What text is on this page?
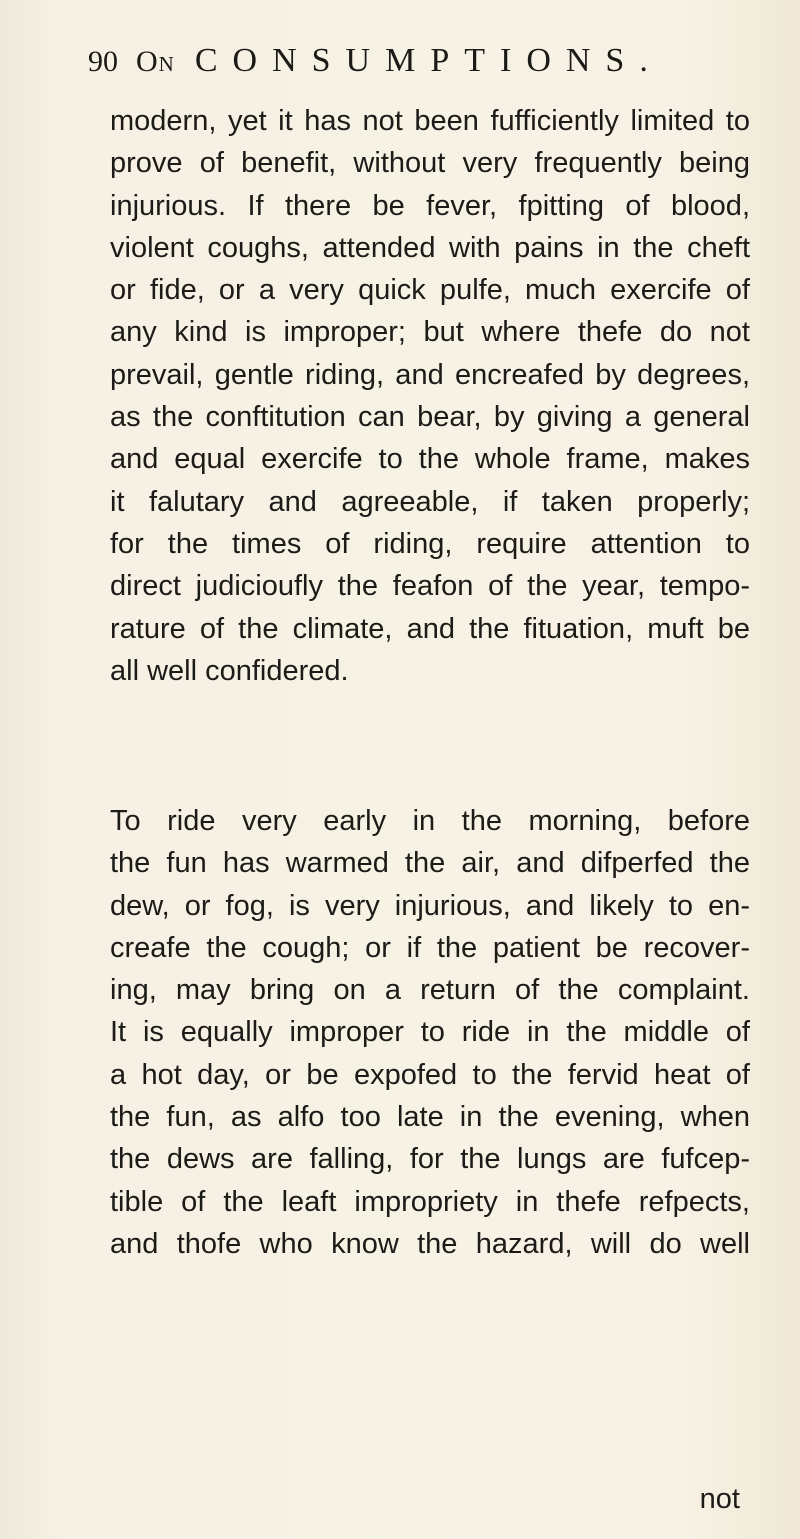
90 On CONSUMPTIONS.
modern, yet it has not been fufficiently limited to
prove of benefit, without very frequently being
injurious. If there be fever, fpitting of blood,
violent coughs, attended with pains in the cheft
or fide, or a very quick pulfe, much exercife of
any kind is improper; but where thefe do not
prevail, gentle riding, and encreafed by degrees,
as the conftitution can bear, by giving a general
and equal exercife to the whole frame, makes
it falutary and agreeable, if taken properly;
for the times of riding, require attention to
direct judicioufly the feafon of the year, tempo-
rature of the climate, and the fituation, muft be
all well confidered.
To ride very early in the morning, before
the fun has warmed the air, and difperfed the
dew, or fog, is very injurious, and likely to en-
creafe the cough; or if the patient be recover-
ing, may bring on a return of the complaint.
It is equally improper to ride in the middle of
a hot day, or be expofed to the fervid heat of
the fun, as alfo too late in the evening, when
the dews are falling, for the lungs are fufcep-
tible of the leaft impropriety in thefe refpects,
and thofe who know the hazard, will do well
not
